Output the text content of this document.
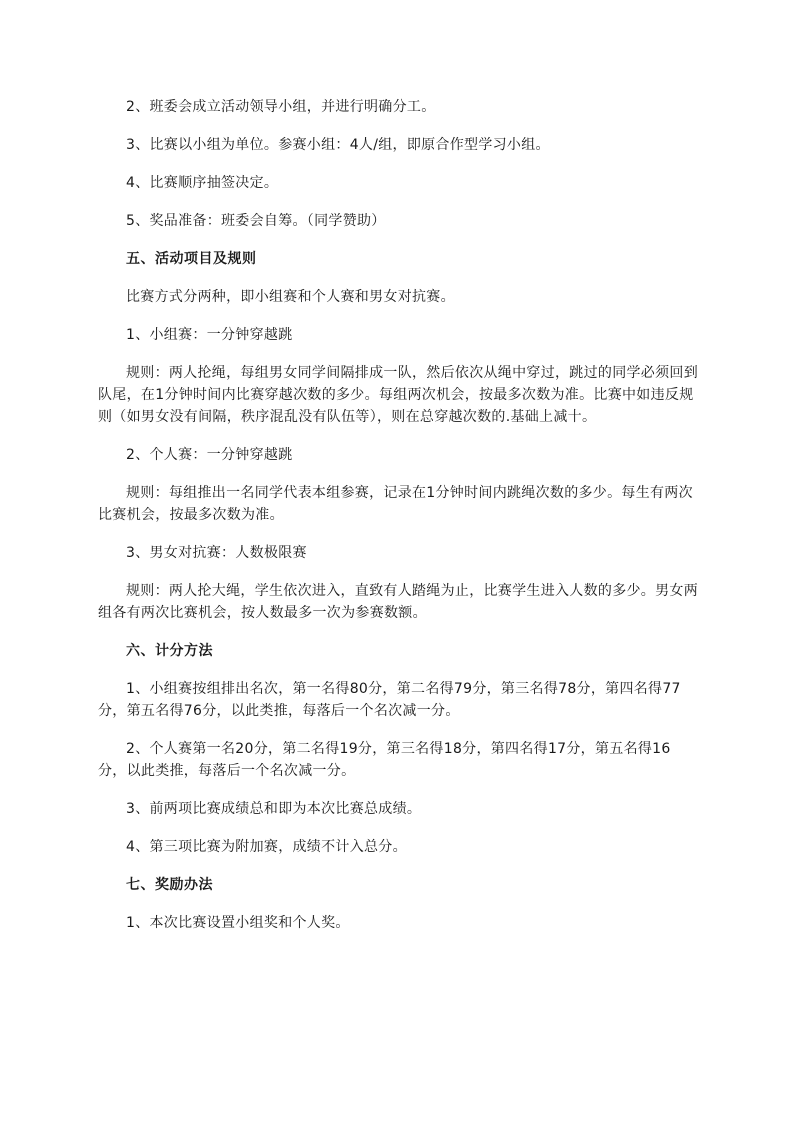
2、班委会成立活动领导小组，并进行明确分工。

3、比赛以小组为单位。参赛小组：4人/组，即原合作型学习小组。

4、比赛顺序抽签决定。

5、奖品准备：班委会自筹。（同学赞助）

五、活动项目及规则

比赛方式分两种，即小组赛和个人赛和男女对抗赛。

1、小组赛：一分钟穿越跳

规则：两人抡绳，每组男女同学间隔排成一队，然后依次从绳中穿过，跳过的同学必须回到队尾，在1分钟时间内比赛穿越次数的多少。每组两次机会，按最多次数为准。比赛中如违反规则（如男女没有间隔，秩序混乱没有队伍等），则在总穿越次数的.基础上减十。

2、个人赛：一分钟穿越跳

规则：每组推出一名同学代表本组参赛，记录在1分钟时间内跳绳次数的多少。每生有两次比赛机会，按最多次数为准。

3、男女对抗赛：人数极限赛

规则：两人抡大绳，学生依次进入，直致有人踏绳为止，比赛学生进入人数的多少。男女两组各有两次比赛机会，按人数最多一次为参赛数额。

六、计分方法

1、小组赛按组排出名次，第一名得80分，第二名得79分，第三名得78分，第四名得77分，第五名得76分，以此类推，每落后一个名次减一分。

2、个人赛第一名20分，第二名得19分，第三名得18分，第四名得17分，第五名得16分，以此类推，每落后一个名次减一分。

3、前两项比赛成绩总和即为本次比赛总成绩。

4、第三项比赛为附加赛，成绩不计入总分。

七、奖励办法

1、本次比赛设置小组奖和个人奖。
